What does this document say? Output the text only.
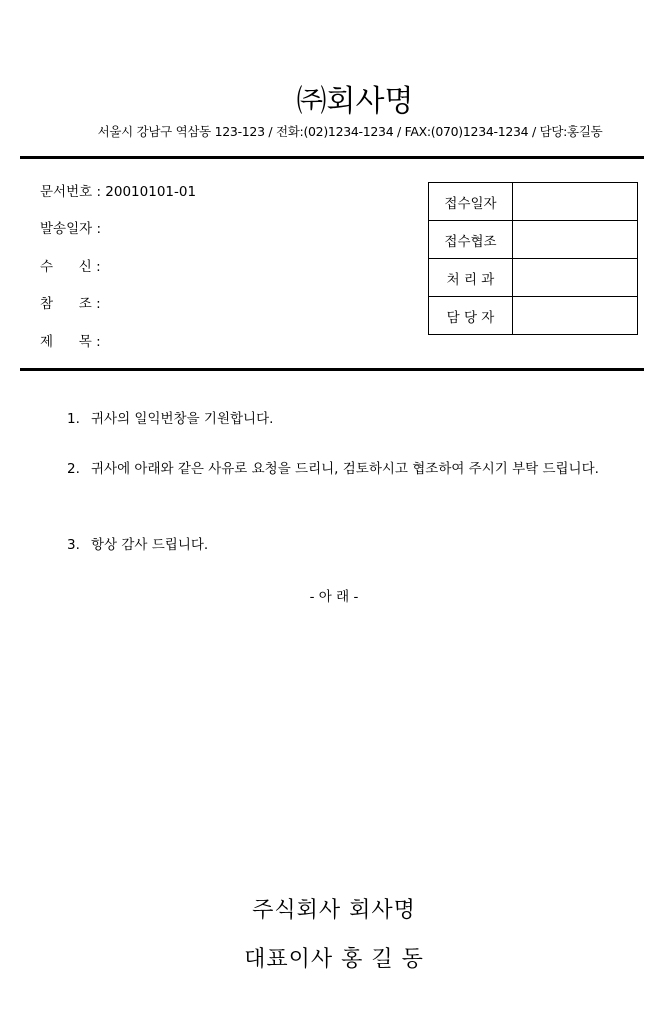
㈜회사명
서울시 강남구 역삼동 123-123 / 전화:(02)1234-1234 / FAX:(070)1234-1234 / 담당:홍길동
문서번호 : 20010101-01
발송일자 :
수      신 :
참      조 :
제      목 :
접수일자	
접수협조	
처 리 과	
담 당 자	
1. 귀사의 일익번창을 기원합니다.
2. 귀사에 아래와 같은 사유로 요청을 드리니, 검토하시고 협조하여 주시기 부탁 드립니다.
3. 항상 감사 드립니다.
- 아 래 -
주식회사 회사명
대표이사 홍 길 동
